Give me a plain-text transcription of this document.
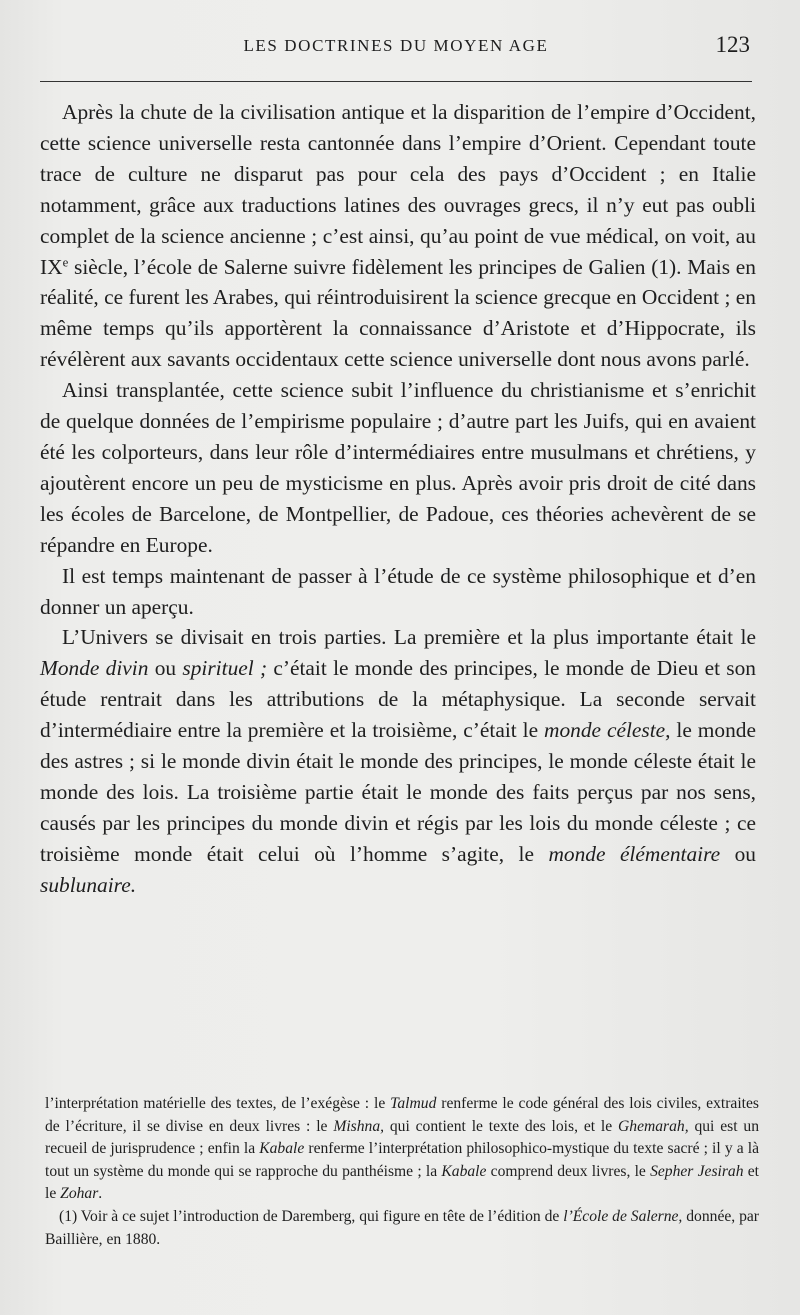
LES DOCTRINES DU MOYEN AGE	123

Après la chute de la civilisation antique et la disparition de l’empire d’Occident, cette science universelle resta cantonnée dans l’empire d’Orient. Cependant toute trace de culture ne disparut pas pour cela des pays d’Occident ; en Italie notamment, grâce aux traductions latines des ouvrages grecs, il n’y eut pas oubli complet de la science ancienne ; c’est ainsi, qu’au point de vue médical, on voit, au IXe siècle, l’école de Salerne suivre fidèlement les principes de Galien (1). Mais en réalité, ce furent les Arabes, qui réintroduisirent la science grecque en Occident ; en même temps qu’ils apportèrent la connaissance d’Aristote et d’Hippocrate, ils révélèrent aux savants occidentaux cette science universelle dont nous avons parlé.

Ainsi transplantée, cette science subit l’influence du christianisme et s’enrichit de quelque données de l’empirisme populaire ; d’autre part les Juifs, qui en avaient été les colporteurs, dans leur rôle d’intermédiaires entre musulmans et chrétiens, y ajoutèrent encore un peu de mysticisme en plus. Après avoir pris droit de cité dans les écoles de Barcelone, de Montpellier, de Padoue, ces théories achevèrent de se répandre en Europe.

Il est temps maintenant de passer à l’étude de ce système philosophique et d’en donner un aperçu.

L’Univers se divisait en trois parties. La première et la plus importante était le Monde divin ou spirituel ; c’était le monde des principes, le monde de Dieu et son étude rentrait dans les attributions de la métaphysique. La seconde servait d’intermédiaire entre la première et la troisième, c’était le monde céleste, le monde des astres ; si le monde divin était le monde des principes, le monde céleste était le monde des lois. La troisième partie était le monde des faits perçus par nos sens, causés par les principes du monde divin et régis par les lois du monde céleste ; ce troisième monde était celui où l’homme s’agite, le monde élémentaire ou sublunaire.

l’interprétation matérielle des textes, de l’exégèse : le Talmud renferme le code général des lois civiles, extraites de l’écriture, il se divise en deux livres : le Mishna, qui contient le texte des lois, et le Ghemarah, qui est un recueil de jurisprudence ; enfin la Kabale renferme l’interprétation philosophico-mystique du texte sacré ; il y a là tout un système du monde qui se rapproche du panthéisme ; la Kabale comprend deux livres, le Sepher Jesirah et le Zohar.

(1) Voir à ce sujet l’introduction de Daremberg, qui figure en tête de l’édition de l’École de Salerne, donnée, par Baillière, en 1880.
